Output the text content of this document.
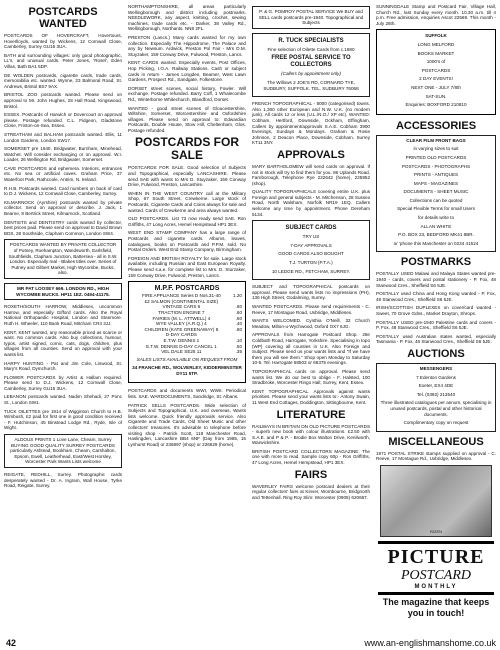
POSTCARDS WANTED
POSTCARDS OF HOVERCRAFT, Hovertours, Hoverlloyds, wanted by Wickens, 12 Cornwall Close, Camberley, Surrey GU15 3UA.
BATH and surrounding villages: only good photographic, LL's, and unusual cards. Peter Jones, 'Rosel', Eden Villas, Bath BA1 5DP.
DE WOLDEN postcards, cigarette cards, trade cards, memorabilia etc. wanted. Wynne, 23 Balmoral Road, St. Andrews, Bristol BS7 9AX.
BRISTOL ZOO postcards wanted. Please send on approval to Mr. John Hughes, 28 Hall Road, Kingswood, Bristol.
ESSEX. Postcards of Harwich or Dovercourt on approval please. Postage refunded. C.L. Fidgeon, Gladstone Close, Frinton-on-Sea, Essex.
STREATHAM and BALHAM postcards wanted. Ellis, 11 London Gardens, London SW17.
SOMERSET pre 1940. Bridgwater, Burnham, Minehead, Watchet. Will consider exchanging or on approval. W.I. Loader, 26 Wellington Rd, Bridgwater, Somerset.
CAVE POSTCARDS and ephemera. Interiors, entrances etc. No sea or artificial caves. Graham Price, 37 Waterfoot Park, Rathcoole, Antrim, N. Ireland.
R.H.B. Postcards wanted. Card numbers on back of card to D.J. Wickens, 12 Cornwall Close, Camberley, Surrey.
KILMARNOCK (Ayrshire) postcards wanted by private collector. Send on approval or describe. J. Jack, 1 Bearne, 8 Bertrick Street, Kilmarnock, Scotland.
DENTISTS and DENTISTRY cards wanted by collector, best prices paid. Please send on approval to David Brown BDS, 28 Southside, Clapham Common, London SW4.
POSTCARDS WANTED BY PRIVATE COLLECTOR of Putney, Roehampton, Wandsworth, Earlsfield, Southfields, Clapham Junction, Battersea - all in S.W. London. Especially real - Blakes titles over. Series of Putney and Gilbert Market, High Wycombe, Bucks, also.
MR PAT LOOSEY 669. LONDON RD., HIGH WYCOMBE BUCKS. HP11 1EZ. 0494-41175.
ROXETH/SOUTH HARROW, Middlesex, uncommon Harrow, and especially Gifford cards. Also the Royal National Orthopaedic Hospital, London and Stanmore. Ruth H. Wheeler, 110 Bank Road, Mitcham CR4 3JJ.
KENT. KENT wanted, any reasonable priced as scarce or want. No common cards. Also buy collections, humour, typos, artist signed, comic, cats, dogs, children, plus villages from all counties. Send on approval with your wants list.
HARPY HUNTING - Pat and Jim Cole, Linwood, St. Mary's Road, Dymchurch.
FLOWER POSTCARDS by Artist & Hallam required. Please send to D.J. Wickens, 12 Cornwall Close, Camberley, Surrey GU15 3UA.
LEBANON postcards wanted. Nadim Shehadi, 27 Ponc St., London SW1.
TUCK OILETTES pre 1914 of Wigginton Church to H.B. Wimbush, £2 paid for first one in good condition received - F. Hutchinson, 45 Binstead Lodge Rd., Ryde, Isle of Wight.
ALDOUS PRINTS 1 Love Lane, Cheam, Surrey BUYING GOOD QUALITY SURREY POSTCARDS particularly Ashtead, Bookham, Cheam, Carshalton, Epsom, Ewell, Leatherhead, East/West Horsley, Worcester Park Wants Lists welcome
REIGATE, REDHILL, Surrey. Photographic cards desperately wanted - Dr. A. Ingram, Wall House, Tyrke Road, Reigate, Surrey.
NORTHAMPTONSHIRE, all areas particularly Wellingborough and district including postmarks. NEEDLEWORK, any aspect, knitting, crochet, sewing machines, trade cards etc. - Darker, 38 Valley Rd., Wellingborough, Northants. NN8 2FL.
PRESTON (Lancs.) Many cards wanted for my own collection. Especially The Hippodrome, The Palace and any by Newsum. Ardwick, Preston Pol Fair - Mrs D.M. Stuyzaker, 159 Conway Drive, Fulwood, Preston, Lancs.
KENT CARDS wanted. Especially events, Post Offices, Hop Picking, I.O.A. Railway Stations. Cash or subject cards in return - James Longden, Beamer, West Lawn Gardens, Prospect Rd., Sandgate, Folkestone.
DORSET street scenes, social history, Fowler. Will exchange. Postage refunded. Barry Coff, 1 Whalecombe Rd., Winterborne Whitechurch, Blandford, Dorset.
WANTED - good street scenes of Gloucestershire, Wiltshire, Somerset, Worcestershire and Oxfordshire villages. Please send on approval to: Edwardian Postcards, Double House, Stow Hill, Cheltenham, Glos. Postage refunded.
POSTCARDS FOR SALE
POSTCARDS FOR SALE. Good selection of Subjects and Topographical, especially LANCASHIRE. Please send SAE with wants to Mrs D. Stuyzaker, 159 Conway Drive, Fulwood, Preston, Lancashire.
WHEN IN THE WEST COUNTRY call at the Military Shop, 67 South Street, Crewkerne. Large stock of Postcards, Cigarette Cards and Coins always for sale and wanted. Cards of Crewkerne and area always wanted.
OLD POSTCARDS. List 73 now ready send SAE. Ron Griffiths, 47 Long Acres, Hemel Hempstead HP1 3EX.
WEST END STAMP COMPANY has a large range of Postcards and cigarette cards. Albums, leaves, catalogues, books on Postcards and P.P.M. sold. No Postal Orders. West End Stamp Company, Birmingham.
FOREIGN AND BRITISH ROYALTY for sale. Large stock available, including Russian and East European Royalty. Please send s.a.e. for complete list to Mrs. D. Sturzaker, 159 Conway Drive, Fulwood, Preston, Lancs.
M.P.F. POSTCARDS
FIRE APPLIANCE Series D Nos.31-40	1.20
£2 SALMON (CONTINENTAL SIZE)	
VINTAGE CARS 6	.60
TRACTION ENGINE 7	.60
FAIRIES (M. L. ATTWELL) 4	.60
WYE VALLEY (A.R.Q.) 4	.40
CHILDREN (KATE GREENAWAY) 8	.80
D-DAY CARDS	
E.T.W. DENNIS 1	.10
E.T.W. DENNIS D-DAY CANCEL 1	.50
VEL DALE SE25 11	.35
SALES LISTS AVAILABLE ON REQUEST FROM
34 FRANCHE RD., WOLVERLEY, KIDDERMINSTER DY11 5TP.
POSTCARDS and documents WWI, WWII. Periodical lists. SAE. WARDOCUMENTS, Sandridge, St. Albans.
PATRICK SELLS POSTCARDS. Wide selection of Subjects and Topographical, U.K. and overseas. Wants lists welcome. Quick friendly approvals service. Also Cigarette and Trade Cards, Old Sheet Music and other collectors' treasures. It's advisable to telephone before visiting shop - Patrick Scott, 118 Manchester Road, Haslingden, Lancashire BB4 6NF (Day from 1985, 15 Lynhurst Road) or 236897 (shop) or 226629 (home).
P. & G. POMROY POSTAL SERVICE We BUY and SELL cards postcards pre-1940. Topographical and Subjects
R. TUCK SPECIALISTS
Fine selection of Oilette Cards from c.1880
FREE POSTAL SERVICE TO COLLECTORS
(Callers by appointment only)
The Willows 2 JOE'S RD, CORNARD TYE, SUDBURY, SUFFOLK. TEL. SUDBURY 76068
FRENCH TOPOGRAPHICAL - 8000 (categorised) towns. Also 1,300 other European and N.W. U.K. (no modern junk). All cards 12 or less (U.L./N.O./ XP etc). WANTED: Cobham, Hertford, Downside, Ockham, Effingham, Callers by appointment/approvals S.A.E. Cobham 3900 Evenings, Sundays & Mondays. Graham & Rosie Johnson, 2 Deacon Place, Downside, Cobham, Surrey KT11 3NY.
APPROVALS
MARY BARTHOLOMEW will send cards on approval. If not in stock will try to find them for you. 86 Uplands Road, Farnborough, Telephone Rye 222642 (home), 225952 (shop).
QUALITY TOPOGRAPHICALS covering entire U.K. plus Foreign and general subjects - M. Mitchenson, 28 Sussex Road, North Walsham, Norfolk NR19 1EQ. Callers welcome any time by appointment. Phone Dereham 5134.
SUBJECT CARDS
TRY US
7-DAY APPROVALS
GOOD CARDS ALSO BOUGHT
T.J. TURTON (P.T.A.)
10 LEDGE RD., FETCHAM, SURREY.
SUBJECT and TOPOGRAPHICAL postcards on approval. Please send wants lists no impressions (PH), 136 High Street, Godalming, Surrey.
WANTED POSTCARDS. Please send requirements - C. Reeve, 17 Montague Road, Uxbridge, Middlesex.
WANTS WELCOMED. Cynthia O'Neill, 32 Church Meadow, Milton-u-Wychwood, Oxford OX7 6JG.
APPROVALS from Harrogate Postcard Shop. 28e Coldbath Road, Harrogate, Yorkshire. Specialising in topo (WP) covering all counties in U.K. Also Foreign and Subject. Please send us your wants lists and "If we have them you will see them." Shop open Monday to Saturday 10-5. Tel. Harrogate 58503 or 66375 evenings.
TOPOGRAPHICAL cards on approval. Please send wants list. We do our best to oblige - F. Halsted, 100 Stradbroke, Worcester Ringo Hall, Surrey, Kent, Essex.
KENT TOPOGRAPHICAL. Approvals against wants priorities. Please send your wants lists to:- Antony Swain, 11 West End Cottages, Doddington, Sittingbourne, Kent.
LITERATURE
RAILWAYS IN BRITAIN ON OLD PICTURE POSTCARDS - superb new book with colour illustrations. £2.50 with S.A.E. and P & P. - Brodie Box Walton Drive, Kenilworth, Warwickshire.
BRITISH POSTCARD COLLECTORS MAGAZINE. The one with more to read. Sample copy 60p - Ron Griffiths, 47 Long Acres, Hemel Hempstead, HP1 3EX.
FAIRS
WAVERLEY FAIRS welcome postcard dealers at their regular collectors' fairs at Kinver, Wombourne, Bridgnorth and Tettenhall. Ring Roy Slim: Worcester (0905) 620667.
SUNNINGDALE Stamp and Postcard Fair, Village Hall, Church Rd., last Sunday every month. 10.30 a.m. till 4 p.m. Free admission, enquiries Ascot 22569. This month - July 28th.
SUFFOLK
LONG MELFORD
BOOKS MARKET
1000's of
POSTCARDS
2 DAY EVENTS!
NEXT ONE - JULY 7/8th
SAT-SUN.
Enquiries: BOXFORD 210810
ACCESSORIES
CLEAR FILM FRONT BAGS
in varying sizes to suit
PRINTED OLD POSTCARDS
POSTCARDS - PHOTOGRAPHS
PRINTS - ANTIQUES
MAPS - MAGAZINES
DOCUMENTS - SHEET MUSIC
Collections can be quoted
Special Flexible Terms for small Users
for details write to
ALLAN WHITE
P.O. BOX 23, BEDFORD MK41 8BR.
or 'phone this Manchester on 0234 41524
POSTMARKS
POSTALLY USED Malawi and Malaya States wanted pre-1940 - cards, covers and postal stationery - P. Fox, 48 Stanwood Cres., Sheffield S6 5JE.
POSTALLY used China and Hong Kong wanted - P. Fox, 48 Stanwood Cres., Sheffield S6 5JE.
IRISH/SCOTTISH DUPLEXES on cover/card wanted - Sweet, 70 Grove Gdns., Market Drayton, Shrops.
POSTALLY USED pre-1940 Palestine cards and covers - P. Fox, 48 Stanwood Cres., Sheffield S6 5JE.
POSTALLY used Australian states wanted, especially Tasmania - P. Fox, 48 Stanwood Cres., Sheffield S6 5JE.
AUCTIONS
MESSENGERS
7 Edenton Gardens
Exeter, EX4 4DE
Tel. (0392) 213540
Three illustrated catalogues per annum, specialising in unused postcards, postal and other historical documents.
Complimentary copy on request
MISCELLANEOUS
1971 POSTAL STRIKE stamps supplied on approval - C. Reeve, 17 Montague Rd., Uxbridge, Middlesex.
RIZEN
PICTURE
POSTCARD
MONTHLY
The magazine that keeps you in touch!
42	www.an-englishmanshome.co.uk
